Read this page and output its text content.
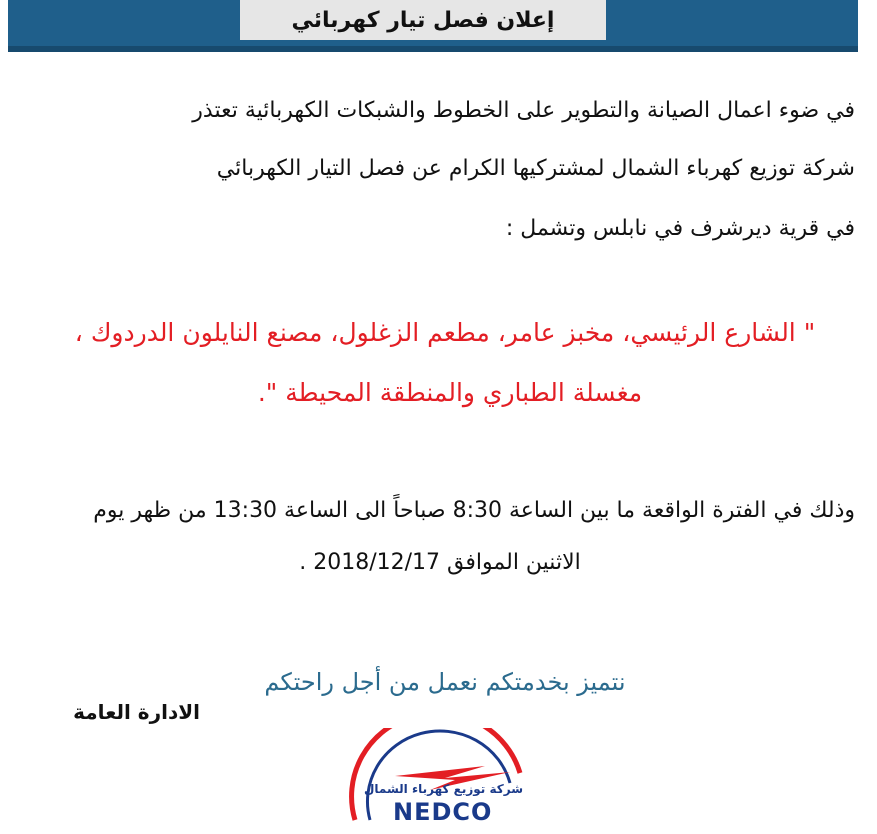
إعلان فصل تيار كهربائي

في ضوء اعمال الصيانة والتطوير على الخطوط والشبكات الكهربائية تعتذر

شركة توزيع كهرباء الشمال لمشتركيها الكرام عن فصل التيار الكهربائي

في قرية ديرشرف في نابلس وتشمل :

" الشارع الرئيسي، مخبز عامر، مطعم الزغلول، مصنع النايلون الدردوك ،

مغسلة الطباري والمنطقة المحيطة ".

وذلك في الفترة الواقعة ما بين الساعة 8:30 صباحاً الى الساعة 13:30 من ظهر يوم

الاثنين الموافق 2018/12/17 .

نتميز بخدمتكم نعمل من أجل راحتكم
الادارة العامة
شركة توزيع كهرباء الشمال
NEDCO
